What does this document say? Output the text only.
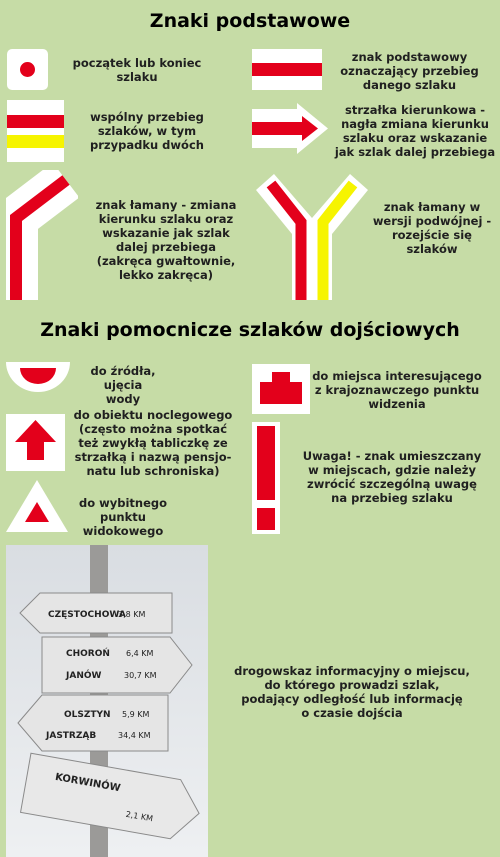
Znaki podstawowe
Znaki pomocnicze szlaków dojściowych
początek lub koniec
szlaku
znak podstawowy
oznaczający przebieg
danego szlaku
wspólny przebieg
szlaków, w tym
przypadku dwóch
strzałka kierunkowa -
nagła zmiana kierunku
szlaku oraz wskazanie
jak szlak dalej przebiega
znak łamany - zmiana
kierunku szlaku oraz
wskazanie jak szlak
dalej przebiega
(zakręca gwałtownie,
lekko zakręca)
znak łamany w
wersji podwójnej -
rozejście się
szlaków
do źródła, ujęcia
wody
do miejsca interesującego
z krajoznawczego punktu
widzenia
do obiektu noclegowego
(często można spotkać
też zwykłą tabliczkę ze
strzałką i nazwą pensjo-
natu lub schroniska)
Uwaga! - znak umieszczany
w miejscach, gdzie należy
zwrócić szczególną uwagę
na przebieg szlaku
do wybitnego punktu
widokowego
CZĘSTOCHOWA
3,8 KM
CHOROŃ 6,4 KM
JANÓW	30,7 KM
OLSZTYN 5,9 KM
JASTRZĄB	34,4 KM
KORWINÓW
2,1 KM
drogowskaz informacyjny o miejscu,
do którego prowadzi szlak,
podający odległość lub informację
o czasie dojścia
